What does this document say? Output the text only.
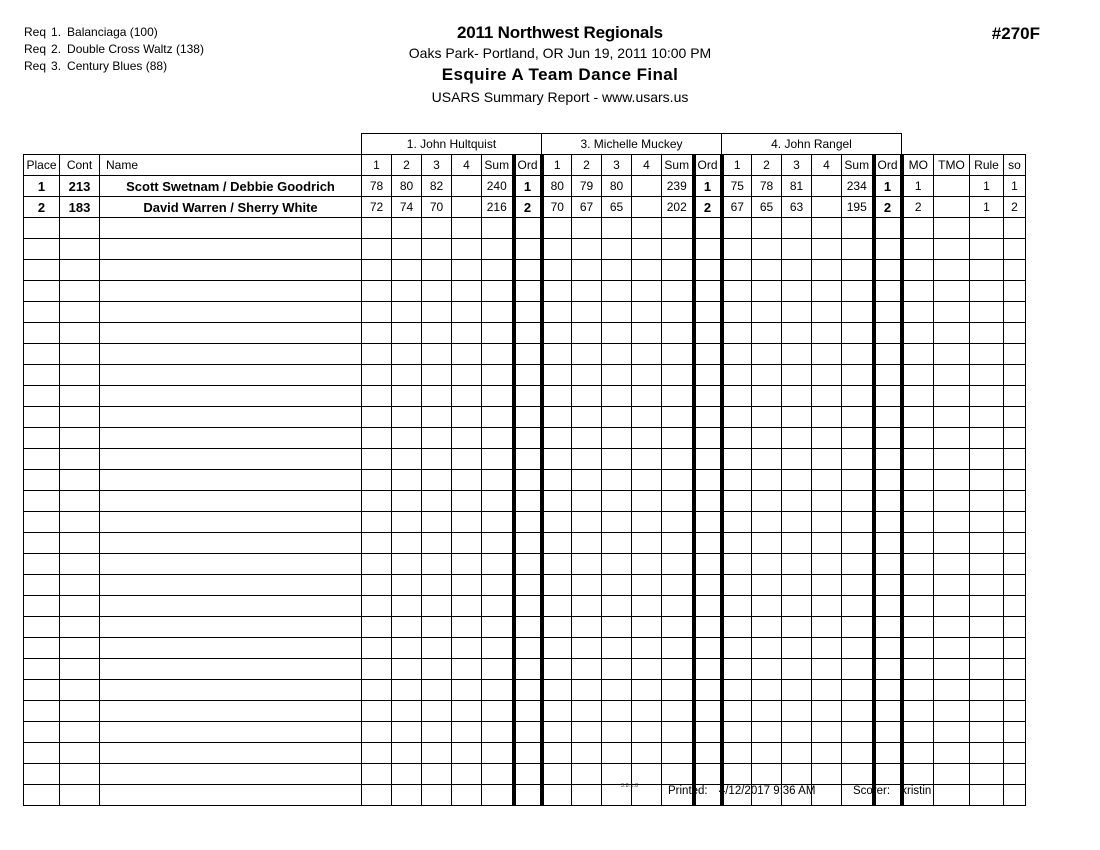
Req 1. Balanciaga (100)
Req 2. Double Cross Waltz (138)
Req 3. Century Blues (88)
2011 Northwest Regionals
Oaks Park- Portland, OR Jun 19, 2011 10:00 PM
Esquire A Team Dance Final
USARS Summary Report - www.usars.us
#270F
			1. John Hultquist						3. Michelle Muckey						4. John Rangel									
Place	Cont	Name	1	2	3	4	Sum	Ord	1	2	3	4	Sum	Ord	1	2	3	4	Sum	Ord	MO	TMO	Rule	so
1	213	Scott Swetnam / Debbie Goodrich	78	80	82		240	1	80	79	80		239	1	75	78	81		234	1	1		1	1
2	183	David Warren / Sherry White	72	74	70		216	2	70	67	65		202	2	67	65	63		195	2	2		1	2

3.8.1.8	Printed: 4/12/2017 9:36 AM	Scorer: kristin
